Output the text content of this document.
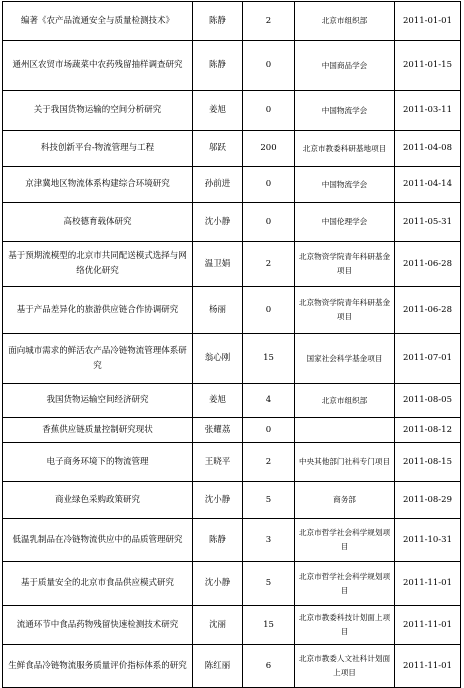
编著《农产品流通安全与质量检测技术》	陈静	2	北京市组织部	2011-01-01
通州区农贸市场蔬菜中农药残留抽样调查研究	陈静	0	中国商品学会	2011-01-15
关于我国货物运输的空间分析研究	姜旭	0	中国物流学会	2011-03-11
科技创新平台-物流管理与工程	邬跃	200	北京市教委科研基地项目	2011-04-08
京津冀地区物流体系构建综合环境研究	孙前进	0	中国物流学会	2011-04-14
高校德育载体研究	沈小静	0	中国伦理学会	2011-05-31
基于预期流模型的北京市共同配送模式选择与网络优化研究	温卫娟	2	北京物资学院青年科研基金项目	2011-06-28
基于产品差异化的旅游供应链合作协调研究	杨丽	0	北京物资学院青年科研基金项目	2011-06-28
面向城市需求的鲜活农产品冷链物流管理体系研究	翁心刚	15	国家社会科学基金项目	2011-07-01
我国货物运输空间经济研究	姜旭	4	北京市组织部	2011-08-05
香蕉供应链质量控制研究现状	张耀荔	0		2011-08-12
电子商务环境下的物流管理	王晓平	2	中央其他部门社科专门项目	2011-08-15
商业绿色采购政策研究	沈小静	5	商务部	2011-08-29
低温乳制品在冷链物流供应中的品质管理研究	陈静	3	北京市哲学社会科学规划项目	2011-10-31
基于质量安全的北京市食品供应模式研究	沈小静	5	北京市哲学社会科学规划项目	2011-11-01
流通环节中食品药物残留快速检测技术研究	沈丽	15	北京市教委科技计划面上项目	2011-11-01
生鲜食品冷链物流服务质量评价指标体系的研究	陈红丽	6	北京市教委人文社科计划面上项目	2011-11-01
